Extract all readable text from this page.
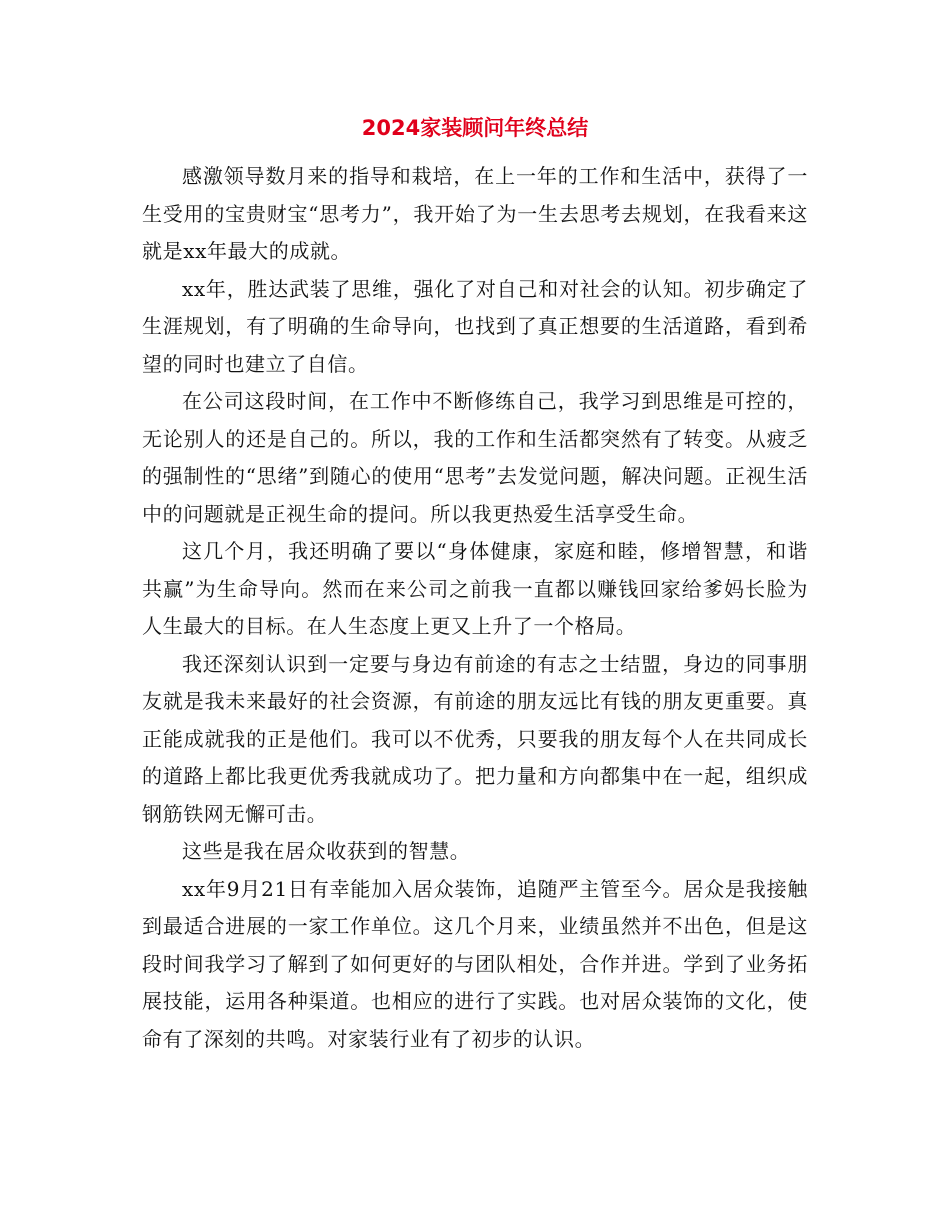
2024家装顾问年终总结

感激领导数月来的指导和栽培，在上一年的工作和生活中，获得了一生受用的宝贵财宝“思考力”，我开始了为一生去思考去规划，在我看来这就是xx年最大的成就。

xx年，胜达武装了思维，强化了对自己和对社会的认知。初步确定了生涯规划，有了明确的生命导向，也找到了真正想要的生活道路，看到希望的同时也建立了自信。

在公司这段时间，在工作中不断修练自己，我学习到思维是可控的，无论别人的还是自己的。所以，我的工作和生活都突然有了转变。从疲乏的强制性的“思绪”到随心的使用“思考”去发觉问题，解决问题。正视生活中的问题就是正视生命的提问。所以我更热爱生活享受生命。

这几个月，我还明确了要以“身体健康，家庭和睦，修增智慧，和谐共赢”为生命导向。然而在来公司之前我一直都以赚钱回家给爹妈长脸为人生最大的目标。在人生态度上更又上升了一个格局。

我还深刻认识到一定要与身边有前途的有志之士结盟，身边的同事朋友就是我未来最好的社会资源，有前途的朋友远比有钱的朋友更重要。真正能成就我的正是他们。我可以不优秀，只要我的朋友每个人在共同成长的道路上都比我更优秀我就成功了。把力量和方向都集中在一起，组织成钢筋铁网无懈可击。

这些是我在居众收获到的智慧。

xx年9月21日有幸能加入居众装饰，追随严主管至今。居众是我接触到最适合进展的一家工作单位。这几个月来，业绩虽然并不出色，但是这段时间我学习了解到了如何更好的与团队相处，合作并进。学到了业务拓展技能，运用各种渠道。也相应的进行了实践。也对居众装饰的文化，使命有了深刻的共鸣。对家装行业有了初步的认识。
